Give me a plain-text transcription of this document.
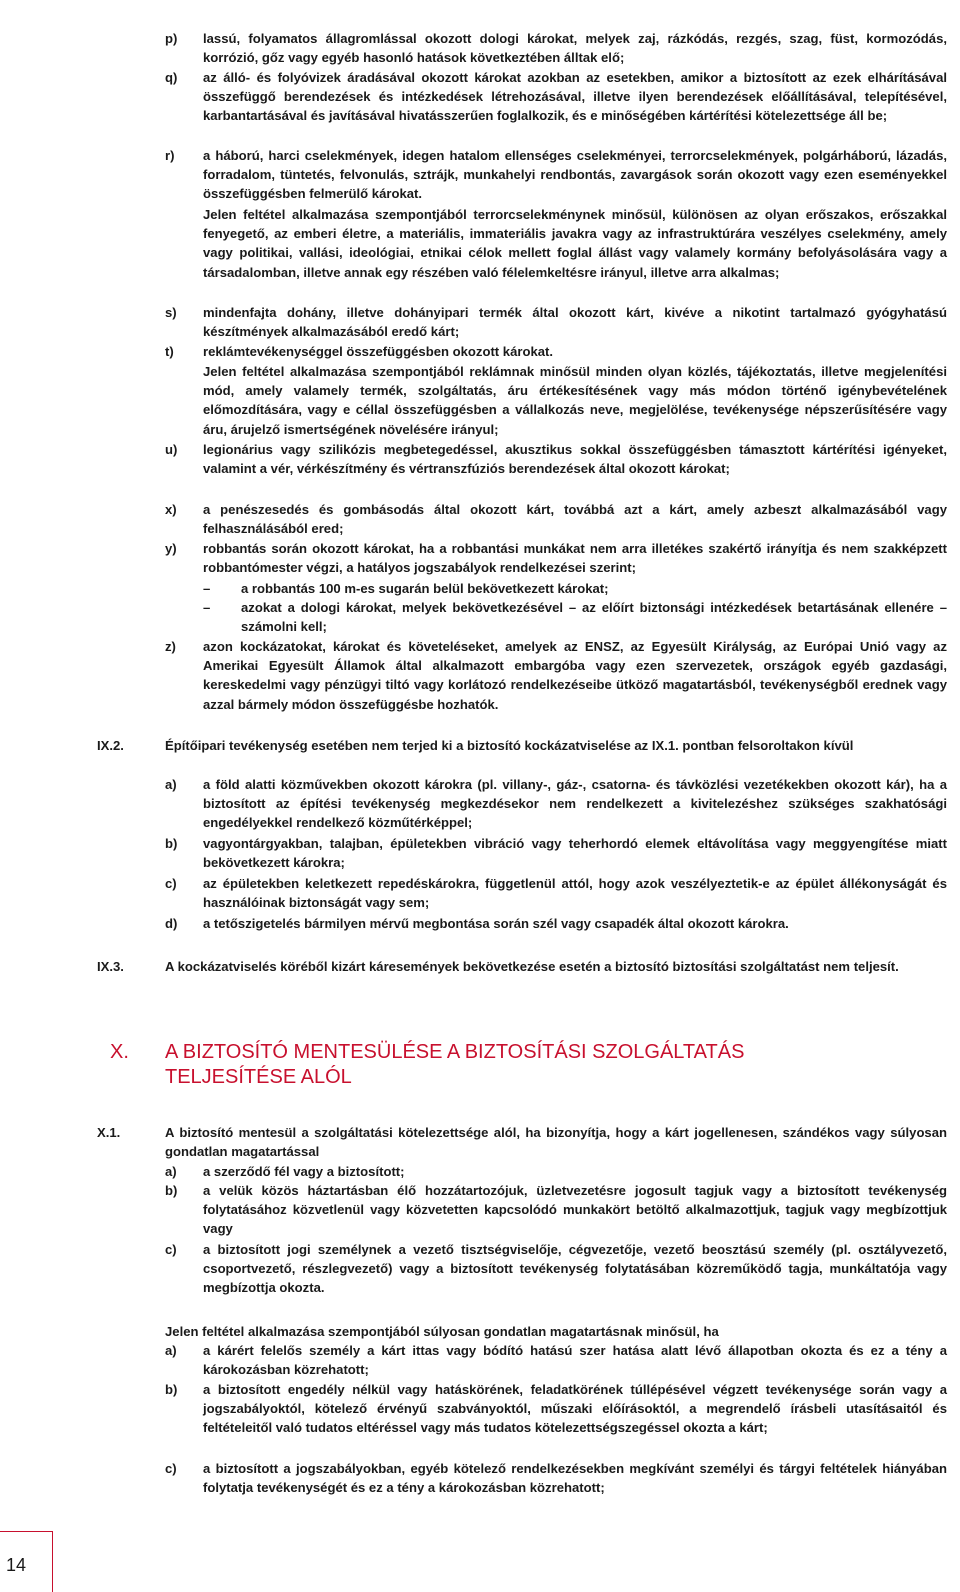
p) lassú, folyamatos állagromlással okozott dologi károkat, melyek zaj, rázkódás, rezgés, szag, füst, kormozódás, korrózió, gőz vagy egyéb hasonló hatások következtében álltak elő;
q) az álló- és folyóvizek áradásával okozott károkat azokban az esetekben, amikor a biztosított az ezek elhárításával összefüggő berendezések és intézkedések létrehozásával, illetve ilyen berendezések előállításával, telepítésével, karbantartásával és javításával hivatásszerűen foglalkozik, és e minőségében kártérítési kötelezettsége áll be;
r) a háború, harci cselekmények, idegen hatalom ellenséges cselekményei, terrorcselekmények, polgárháború, lázadás, forradalom, tüntetés, felvonulás, sztrájk, munkahelyi rendbontás, zavargások során okozott vagy ezen eseményekkel összefüggésben felmerülő károkat.
Jelen feltétel alkalmazása szempontjából terrorcselekménynek minősül, különösen az olyan erőszakos, erőszakkal fenyegető, az emberi életre, a materiális, immateriális javakra vagy az infrastruktúrára veszélyes cselekmény, amely vagy politikai, vallási, ideológiai, etnikai célok mellett foglal állást vagy valamely kormány befolyásolására vagy a társadalomban, illetve annak egy részében való félelemkeltésre irányul, illetve arra alkalmas;
s) mindenfajta dohány, illetve dohányipari termék által okozott kárt, kivéve a nikotint tartalmazó gyógyhatású készítmények alkalmazásából eredő kárt;
t) reklámtevékenységgel összefüggésben okozott károkat.
Jelen feltétel alkalmazása szempontjából reklámnak minősül minden olyan közlés, tájékoztatás, illetve megjelenítési mód, amely valamely termék, szolgáltatás, áru értékesítésének vagy más módon történő igénybevételének előmozdítására, vagy e céllal összefüggésben a vállalkozás neve, megjelölése, tevékenysége népszerűsítésére vagy áru, árujelző ismertségének növelésére irányul;
u) legionárius vagy szilikózis megbetegedéssel, akusztikus sokkal összefüggésben támasztott kártérítési igényeket, valamint a vér, vérkészítmény és vértranszfúziós berendezések által okozott károkat;
x) a penészesedés és gombásodás által okozott kárt, továbbá azt a kárt, amely azbeszt alkalmazásából vagy felhasználásából ered;
y) robbantás során okozott károkat, ha a robbantási munkákat nem arra illetékes szakértő irányítja és nem szakképzett robbantómester végzi, a hatályos jogszabályok rendelkezései szerint;
– a robbantás 100 m-es sugarán belül bekövetkezett károkat;
– azokat a dologi károkat, melyek bekövetkezésével – az előírt biztonsági intézkedések betartásának ellenére – számolni kell;
z) azon kockázatokat, károkat és követeléseket, amelyek az ENSZ, az Egyesült Királyság, az Európai Unió vagy az Amerikai Egyesült Államok által alkalmazott embargóba vagy ezen szervezetek, országok egyéb gazdasági, kereskedelmi vagy pénzügyi tiltó vagy korlátozó rendelkezéseibe ütköző magatartásból, tevékenységből erednek vagy azzal bármely módon összefüggésbe hozhatók.
IX.2.	Építőipari tevékenység esetében nem terjed ki a biztosító kockázatviselése az IX.1. pontban felsoroltakon kívül
a) a föld alatti közművekben okozott károkra (pl. villany-, gáz-, csatorna- és távközlési vezetékekben okozott kár), ha a biztosított az építési tevékenység megkezdésekor nem rendelkezett a kivitelezéshez szükséges szakhatósági engedélyekkel rendelkező közműtérképpel;
b) vagyontárgyakban, talajban, épületekben vibráció vagy teherhordó elemek eltávolítása vagy meggyengítése miatt bekövetkezett károkra;
c) az épületekben keletkezett repedéskárokra, függetlenül attól, hogy azok veszélyeztetik-e az épület állékonyságát és használóinak biztonságát vagy sem;
d) a tetőszigetelés bármilyen mérvű megbontása során szél vagy csapadék által okozott károkra.
IX.3.	A kockázatviselés köréből kizárt káresemények bekövetkezése esetén a biztosító biztosítási szolgáltatást nem teljesít.
X. A BIZTOSÍTÓ MENTESÜLÉSE A BIZTOSÍTÁSI SZOLGÁLTATÁS
TELJESÍTÉSE ALÓL
X.1.	A biztosító mentesül a szolgáltatási kötelezettsége alól, ha bizonyítja, hogy a kárt jogellenesen, szándékos vagy súlyosan gondatlan magatartással
a) a szerződő fél vagy a biztosított;
b) a velük közös háztartásban élő hozzátartozójuk, üzletvezetésre jogosult tagjuk vagy a biztosított tevékenység folytatásához közvetlenül vagy közvetetten kapcsolódó munkakört betöltő alkalmazottjuk, tagjuk vagy megbízottjuk vagy
c) a biztosított jogi személynek a vezető tisztségviselője, cégvezetője, vezető beosztású személy (pl. osztályvezető, csoportvezető, részlegvezető) vagy a biztosított tevékenység folytatásában közreműködő tagja, munkáltatója vagy megbízottja okozta.
Jelen feltétel alkalmazása szempontjából súlyosan gondatlan magatartásnak minősül, ha
a) a kárért felelős személy a kárt ittas vagy bódító hatású szer hatása alatt lévő állapotban okozta és ez a tény a károkozásban közrehatott;
b) a biztosított engedély nélkül vagy hatáskörének, feladatkörének túllépésével végzett tevékenysége során vagy a jogszabályoktól, kötelező érvényű szabványoktól, műszaki előírásoktól, a megrendelő írásbeli utasításaitól és feltételeitől való tudatos eltéréssel vagy más tudatos kötelezettségszegéssel okozta a kárt;
c) a biztosított a jogszabályokban, egyéb kötelező rendelkezésekben megkívánt személyi és tárgyi feltételek hiányában folytatja tevékenységét és ez a tény a károkozásban közrehatott;
14
